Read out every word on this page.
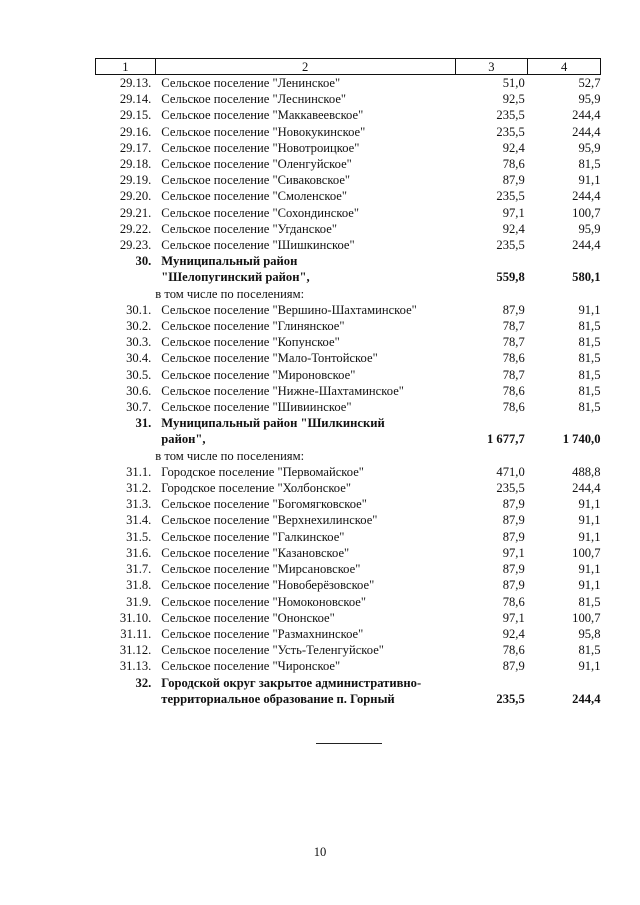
1	2	3	4
29.13.	Сельское поселение "Ленинское"	51,0	52,7
29.14.	Сельское поселение "Леснинское"	92,5	95,9
29.15.	Сельское поселение "Маккавеевское"	235,5	244,4
29.16.	Сельское поселение "Новокукинское"	235,5	244,4
29.17.	Сельское поселение "Новотроицкое"	92,4	95,9
29.18.	Сельское поселение "Оленгуйское"	78,6	81,5
29.19.	Сельское поселение "Сиваковское"	87,9	91,1
29.20.	Сельское поселение "Смоленское"	235,5	244,4
29.21.	Сельское поселение "Сохондинское"	97,1	100,7
29.22.	Сельское поселение "Угданское"	92,4	95,9
29.23.	Сельское поселение "Шишкинское"	235,5	244,4
30.	Муниципальный район		
	"Шелопугинский район",	559,8	580,1
	в том числе по поселениям:		
30.1.	Сельское поселение "Вершино-Шахтаминское"	87,9	91,1
30.2.	Сельское поселение "Глинянское"	78,7	81,5
30.3.	Сельское поселение "Копунское"	78,7	81,5
30.4.	Сельское поселение "Мало-Тонтойское"	78,6	81,5
30.5.	Сельское поселение "Мироновское"	78,7	81,5
30.6.	Сельское поселение "Нижне-Шахтаминское"	78,6	81,5
30.7.	Сельское поселение "Шивиинское"	78,6	81,5
31.	Муниципальный район "Шилкинский		
	район",	1 677,7	1 740,0
	в том числе по поселениям:		
31.1.	Городское поселение "Первомайское"	471,0	488,8
31.2.	Городское поселение "Холбонское"	235,5	244,4
31.3.	Сельское поселение "Богомягковское"	87,9	91,1
31.4.	Сельское поселение "Верхнехилинское"	87,9	91,1
31.5.	Сельское поселение "Галкинское"	87,9	91,1
31.6.	Сельское поселение "Казановское"	97,1	100,7
31.7.	Сельское поселение "Мирсановское"	87,9	91,1
31.8.	Сельское поселение "Новоберёзовское"	87,9	91,1
31.9.	Сельское поселение "Номоконовское"	78,6	81,5
31.10.	Сельское поселение "Ононское"	97,1	100,7
31.11.	Сельское поселение "Размахнинское"	92,4	95,8
31.12.	Сельское поселение "Усть-Теленгуйское"	78,6	81,5
31.13.	Сельское поселение "Чиронское"	87,9	91,1
32.	Городской округ закрытое административно-		
	территориальное образование п. Горный	235,5	244,4
10
